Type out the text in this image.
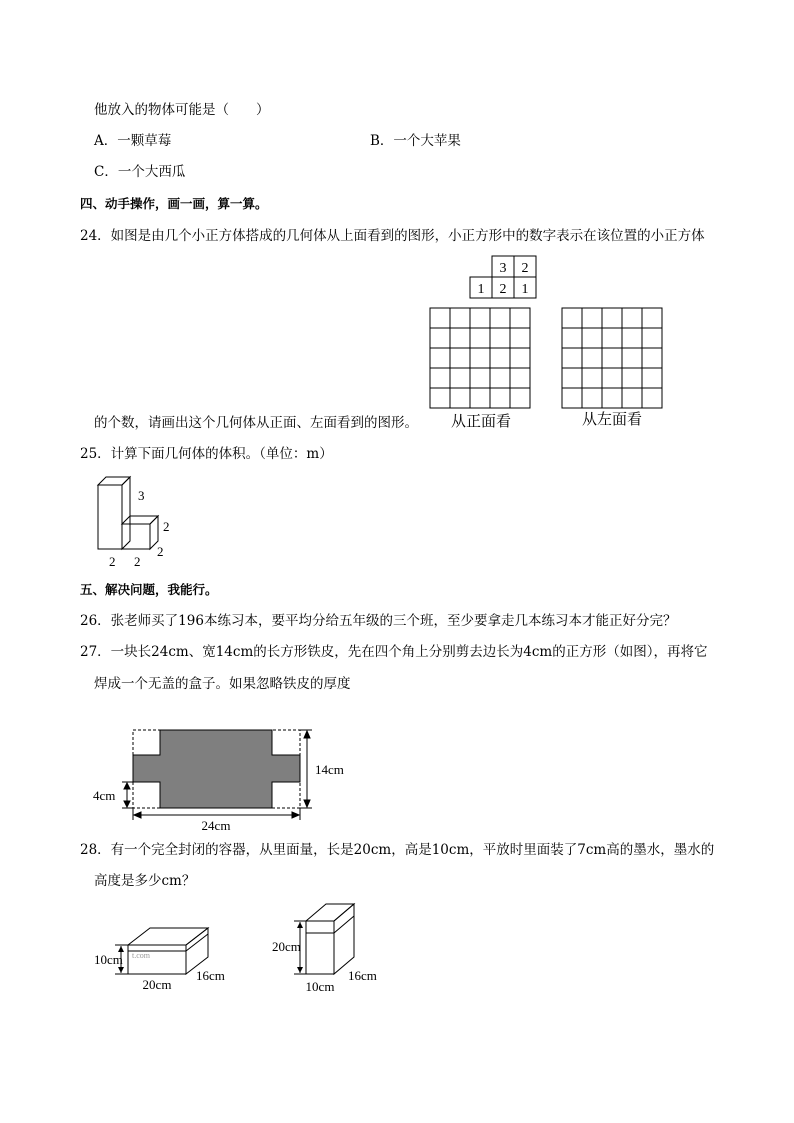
他放入的物体可能是（　　）
A．一颗草莓	B．一个大苹果
C．一个大西瓜
四、动手操作，画一画，算一算。
24．如图是由几个小正方体搭成的几何体从上面看到的图形，小正方形中的数字表示在该位置的小正方体
3 2
1 2 1
从正面看	从左面看
的个数，请画出这个几何体从正面、左面看到的图形。
25．计算下面几何体的体积。（单位：m）
3
2
2
2 2
五、解决问题，我能行。
26．张老师买了196本练习本，要平均分给五年级的三个班，至少要拿走几本练习本才能正好分完？
27．一块长24cm、宽14cm的长方形铁皮，先在四个角上分别剪去边长为4cm的正方形（如图），再将它
焊成一个无盖的盒子。如果忽略铁皮的厚度
14cm
4cm
24cm
28．有一个完全封闭的容器，从里面量，长是20cm，高是10cm，平放时里面装了7cm高的墨水，墨水的
高度是多少cm？
10cm
20cm
16cm
t.com
20cm
10cm
16cm
